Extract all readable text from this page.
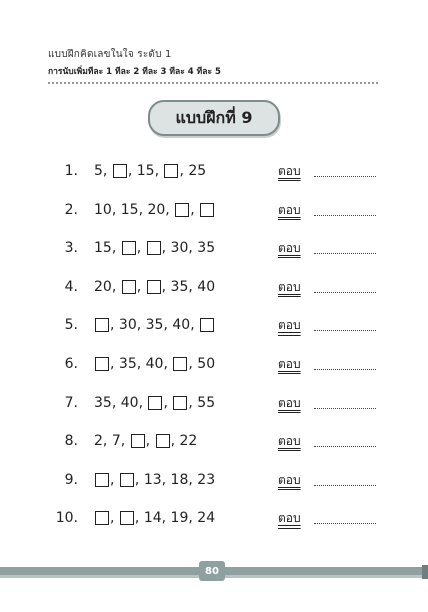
แบบฝึกคิดเลขในใจ ระดับ 1
การนับเพิ่มทีละ 1 ทีละ 2 ทีละ 3 ทีละ 4 ทีละ 5
แบบฝึกที่ 9
1. 5 , , 15 , , 25	ตอบ
2. 10 , 15 , 20 , ,	ตอบ
3. 15 , , , 30 , 35	ตอบ
4. 20 , , , 35 , 40	ตอบ
5. , 30 , 35 , 40 ,	ตอบ
6. , 35 , 40 , , 50	ตอบ
7. 35 , 40 , , , 55	ตอบ
8. 2 , 7 , , , 22	ตอบ
9. , , 13 , 18 , 23	ตอบ
10. , , 14 , 19 , 24	ตอบ
80
